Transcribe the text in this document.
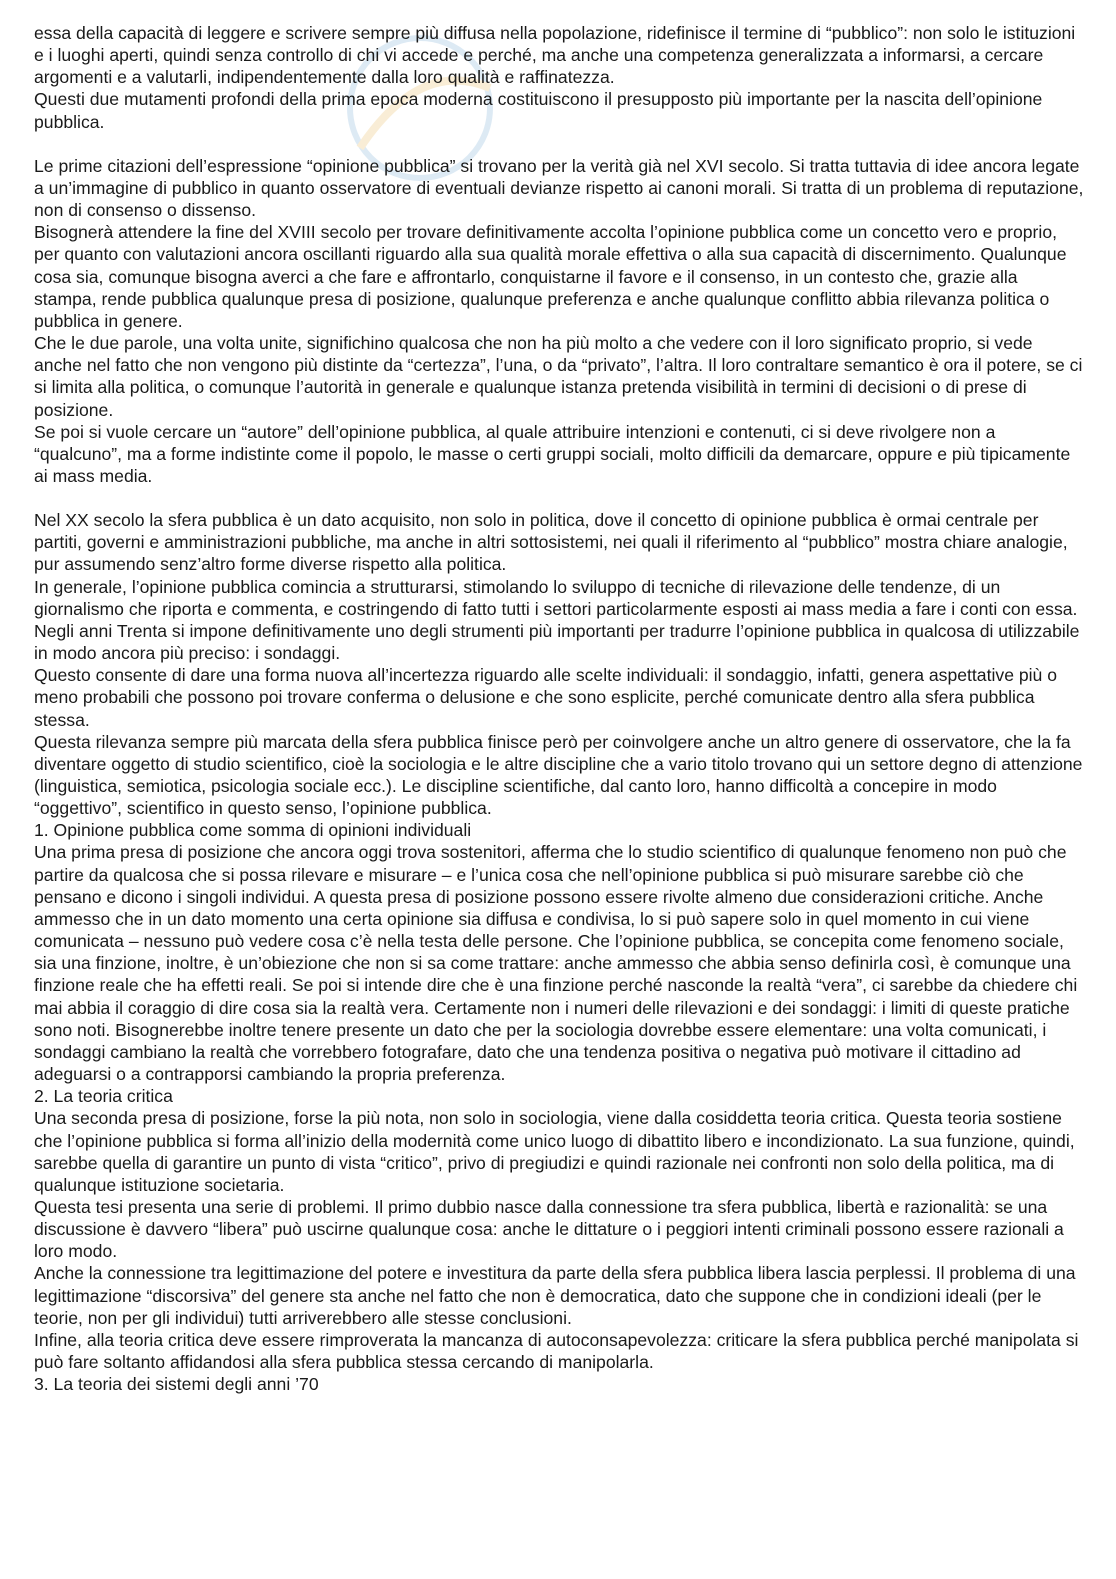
essa della capacità di leggere e scrivere sempre più diffusa nella popolazione, ridefinisce il termine di “pubblico”: non solo le istituzioni e i luoghi aperti, quindi senza controllo di chi vi accede e perché, ma anche una competenza generalizzata a informarsi, a cercare argomenti e a valutarli, indipendentemente dalla loro qualità e raffinatezza.

Questi due mutamenti profondi della prima epoca moderna costituiscono il presupposto più importante per la nascita dell’opinione pubblica.

Le prime citazioni dell’espressione “opinione pubblica” si trovano per la verità già nel XVI secolo. Si tratta tuttavia di idee ancora legate a un’immagine di pubblico in quanto osservatore di eventuali devianze rispetto ai canoni morali. Si tratta di un problema di reputazione, non di consenso o dissenso.

Bisognerà attendere la fine del XVIII secolo per trovare definitivamente accolta l’opinione pubblica come un concetto vero e proprio, per quanto con valutazioni ancora oscillanti riguardo alla sua qualità morale effettiva o alla sua capacità di discernimento. Qualunque cosa sia, comunque bisogna averci a che fare e affrontarlo, conquistarne il favore e il consenso, in un contesto che, grazie alla stampa, rende pubblica qualunque presa di posizione, qualunque preferenza e anche qualunque conflitto abbia rilevanza politica o pubblica in genere.

Che le due parole, una volta unite, significhino qualcosa che non ha più molto a che vedere con il loro significato proprio, si vede anche nel fatto che non vengono più distinte da “certezza”, l’una, o da “privato”, l’altra. Il loro contraltare semantico è ora il potere, se ci si limita alla politica, o comunque l’autorità in generale e qualunque istanza pretenda visibilità in termini di decisioni o di prese di posizione.

Se poi si vuole cercare un “autore” dell’opinione pubblica, al quale attribuire intenzioni e contenuti, ci si deve rivolgere non a “qualcuno”, ma a forme indistinte come il popolo, le masse o certi gruppi sociali, molto difficili da demarcare, oppure e più tipicamente ai mass media.

Nel XX secolo la sfera pubblica è un dato acquisito, non solo in politica, dove il concetto di opinione pubblica è ormai centrale per partiti, governi e amministrazioni pubbliche, ma anche in altri sottosistemi, nei quali il riferimento al “pubblico” mostra chiare analogie, pur assumendo senz’altro forme diverse rispetto alla politica.

In generale, l’opinione pubblica comincia a strutturarsi, stimolando lo sviluppo di tecniche di rilevazione delle tendenze, di un giornalismo che riporta e commenta, e costringendo di fatto tutti i settori particolarmente esposti ai mass media a fare i conti con essa. Negli anni Trenta si impone definitivamente uno degli strumenti più importanti per tradurre l’opinione pubblica in qualcosa di utilizzabile in modo ancora più preciso: i sondaggi.

Questo consente di dare una forma nuova all’incertezza riguardo alle scelte individuali: il sondaggio, infatti, genera aspettative più o meno probabili che possono poi trovare conferma o delusione e che sono esplicite, perché comunicate dentro alla sfera pubblica stessa.

Questa rilevanza sempre più marcata della sfera pubblica finisce però per coinvolgere anche un altro genere di osservatore, che la fa diventare oggetto di studio scientifico, cioè la sociologia e le altre discipline che a vario titolo trovano qui un settore degno di attenzione (linguistica, semiotica, psicologia sociale ecc.). Le discipline scientifiche, dal canto loro, hanno difficoltà a concepire in modo “oggettivo”, scientifico in questo senso, l’opinione pubblica.

1. Opinione pubblica come somma di opinioni individuali

Una prima presa di posizione che ancora oggi trova sostenitori, afferma che lo studio scientifico di qualunque fenomeno non può che partire da qualcosa che si possa rilevare e misurare – e l’unica cosa che nell’opinione pubblica si può misurare sarebbe ciò che pensano e dicono i singoli individui. A questa presa di posizione possono essere rivolte almeno due considerazioni critiche. Anche ammesso che in un dato momento una certa opinione sia diffusa e condivisa, lo si può sapere solo in quel momento in cui viene comunicata – nessuno può vedere cosa c’è nella testa delle persone. Che l’opinione pubblica, se concepita come fenomeno sociale, sia una finzione, inoltre, è un’obiezione che non si sa come trattare: anche ammesso che abbia senso definirla così, è comunque una finzione reale che ha effetti reali. Se poi si intende dire che è una finzione perché nasconde la realtà “vera”, ci sarebbe da chiedere chi mai abbia il coraggio di dire cosa sia la realtà vera. Certamente non i numeri delle rilevazioni e dei sondaggi: i limiti di queste pratiche sono noti. Bisognerebbe inoltre tenere presente un dato che per la sociologia dovrebbe essere elementare: una volta comunicati, i sondaggi cambiano la realtà che vorrebbero fotografare, dato che una tendenza positiva o negativa può motivare il cittadino ad adeguarsi o a contrapporsi cambiando la propria preferenza.

2. La teoria critica

Una seconda presa di posizione, forse la più nota, non solo in sociologia, viene dalla cosiddetta teoria critica. Questa teoria sostiene che l’opinione pubblica si forma all’inizio della modernità come unico luogo di dibattito libero e incondizionato. La sua funzione, quindi, sarebbe quella di garantire un punto di vista “critico”, privo di pregiudizi e quindi razionale nei confronti non solo della politica, ma di qualunque istituzione societaria.

Questa tesi presenta una serie di problemi. Il primo dubbio nasce dalla connessione tra sfera pubblica, libertà e razionalità: se una discussione è davvero “libera” può uscirne qualunque cosa: anche le dittature o i peggiori intenti criminali possono essere razionali a loro modo.

Anche la connessione tra legittimazione del potere e investitura da parte della sfera pubblica libera lascia perplessi. Il problema di una legittimazione “discorsiva” del genere sta anche nel fatto che non è democratica, dato che suppone che in condizioni ideali (per le teorie, non per gli individui) tutti arriverebbero alle stesse conclusioni.

Infine, alla teoria critica deve essere rimproverata la mancanza di autoconsapevolezza: criticare la sfera pubblica perché manipolata si può fare soltanto affidandosi alla sfera pubblica stessa cercando di manipolarla.

3. La teoria dei sistemi degli anni ’70
